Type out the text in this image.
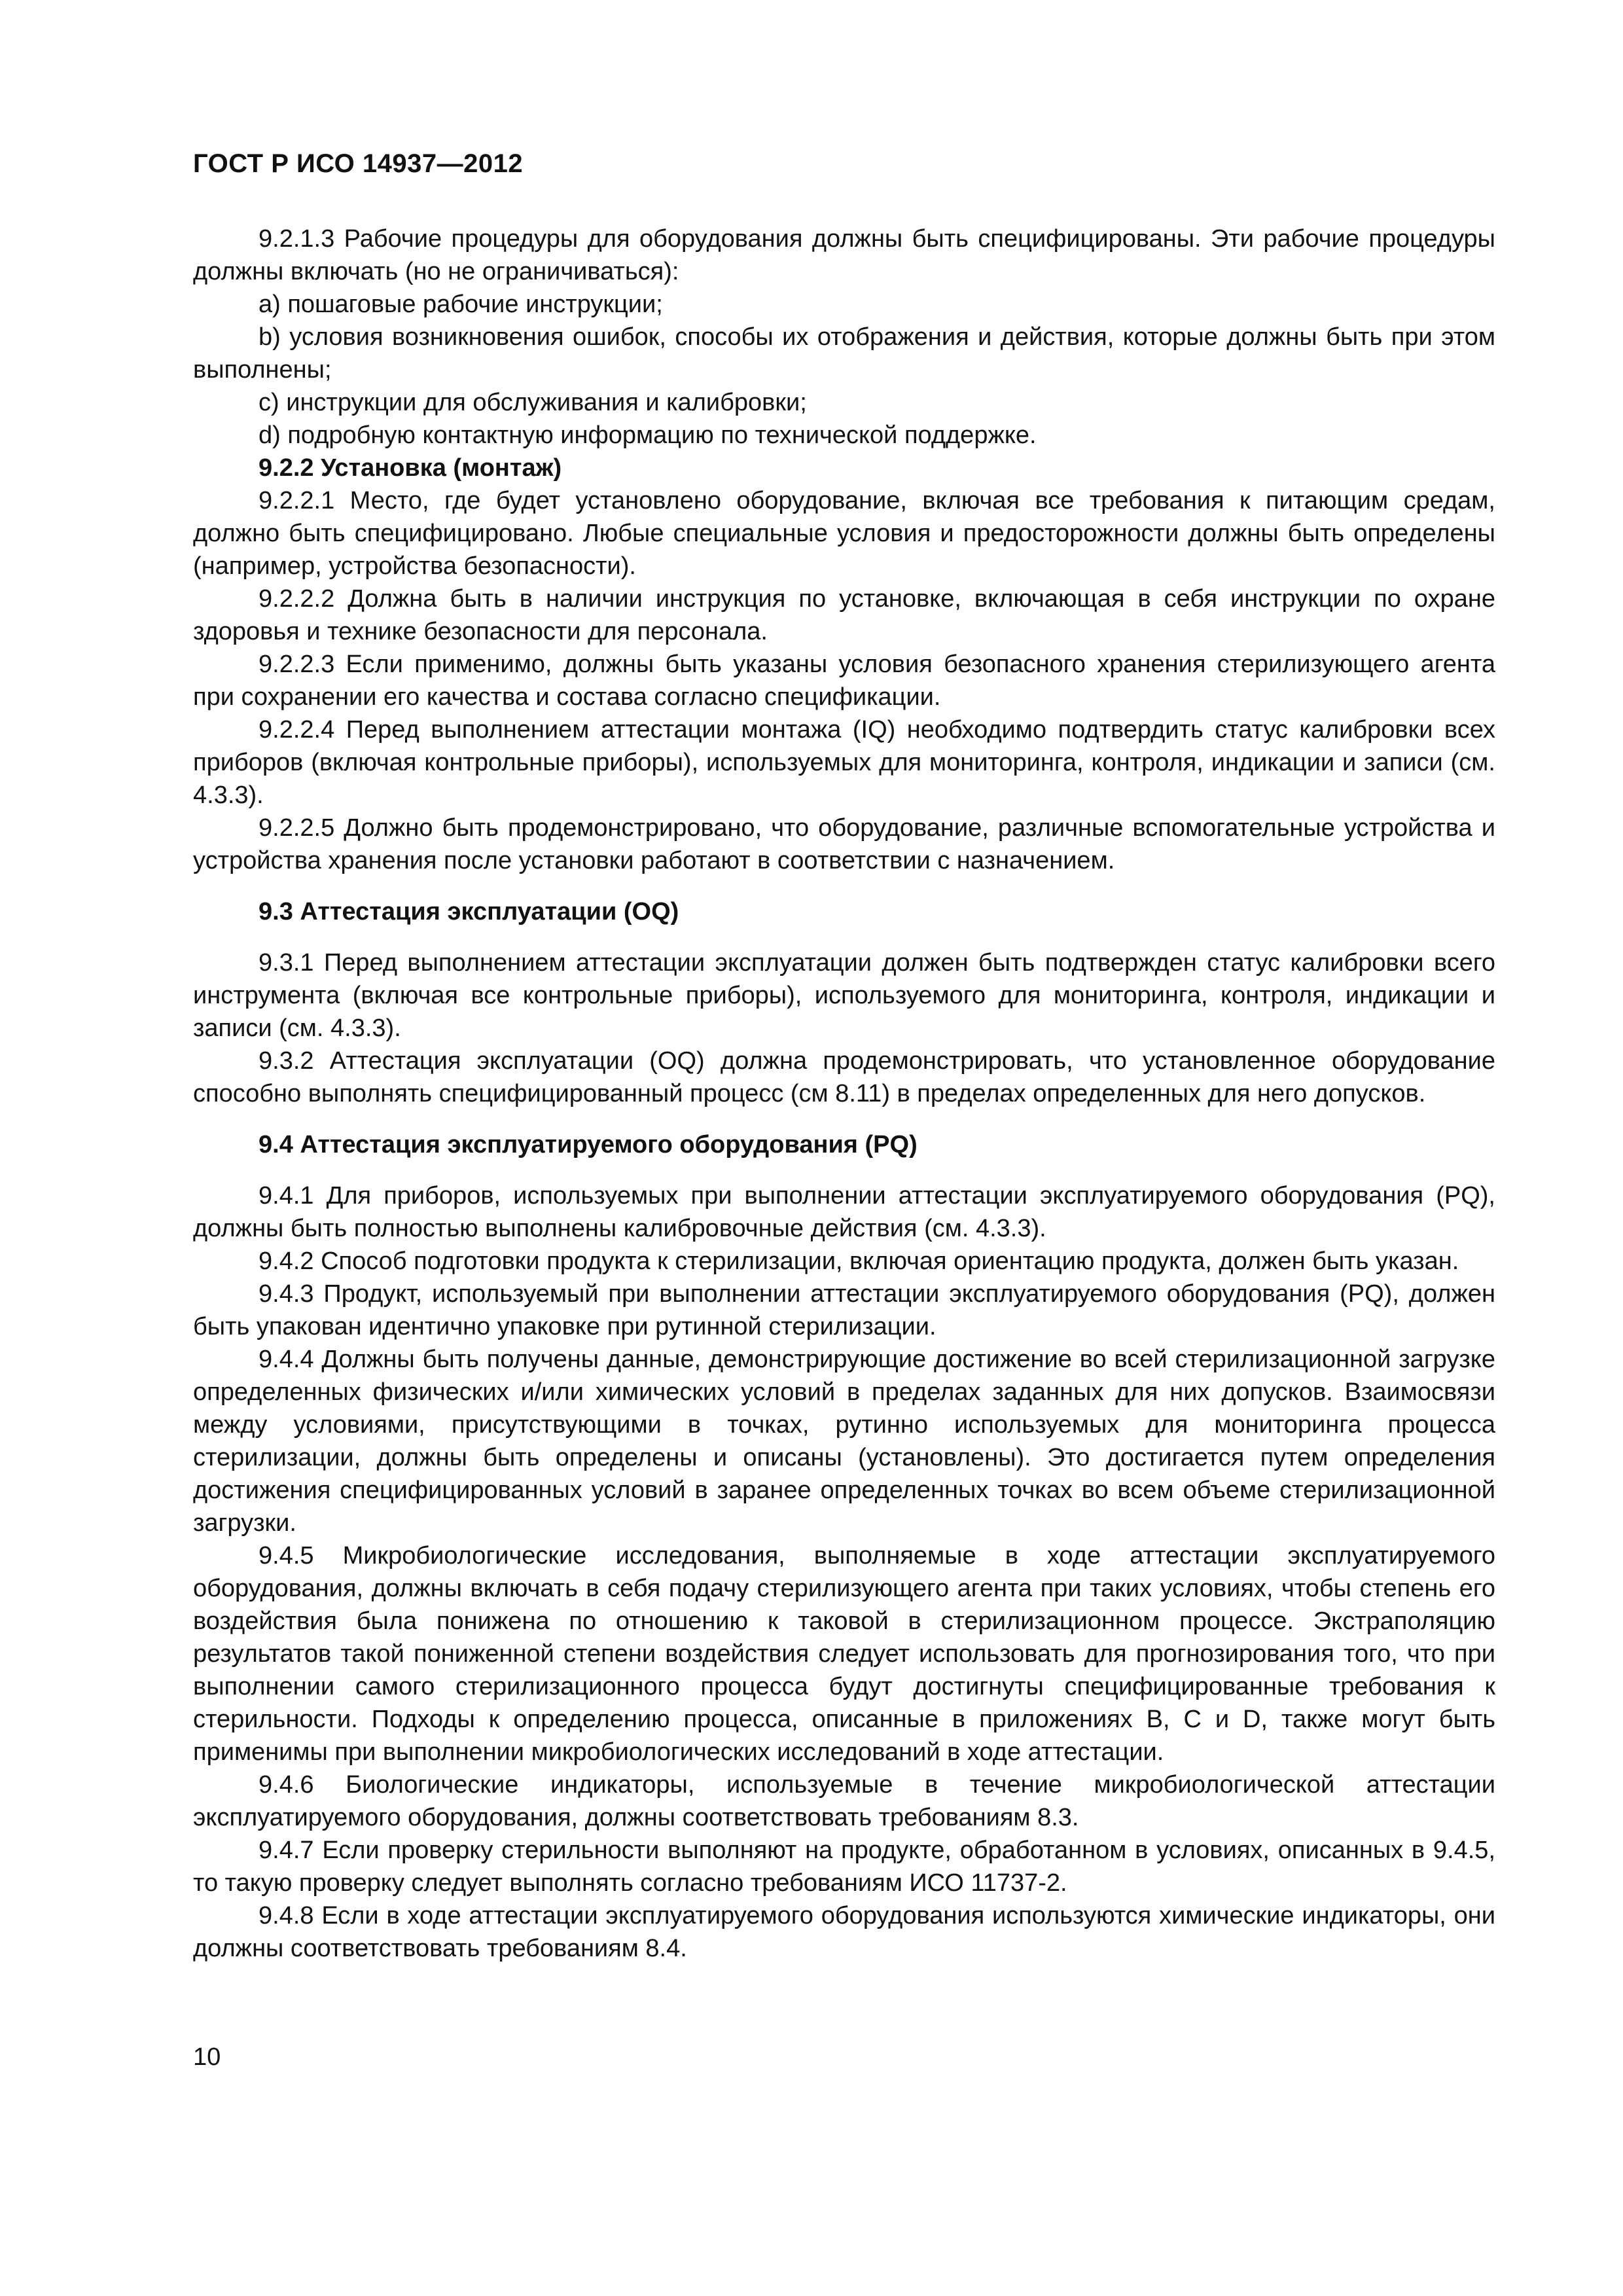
ГОСТ Р ИСО 14937—2012

9.2.1.3 Рабочие процедуры для оборудования должны быть специфицированы. Эти рабочие процедуры должны включать (но не ограничиваться):

a) пошаговые рабочие инструкции;

b) условия возникновения ошибок, способы их отображения и действия, которые должны быть при этом выполнены;

c) инструкции для обслуживания и калибровки;

d) подробную контактную информацию по технической поддержке.

9.2.2 Установка (монтаж)

9.2.2.1 Место, где будет установлено оборудование, включая все требования к питающим средам, должно быть специфицировано. Любые специальные условия и предосторожности должны быть определены (например, устройства безопасности).

9.2.2.2 Должна быть в наличии инструкция по установке, включающая в себя инструкции по охране здоровья и технике безопасности для персонала.

9.2.2.3 Если применимо, должны быть указаны условия безопасного хранения стерилизующего агента при сохранении его качества и состава согласно спецификации.

9.2.2.4 Перед выполнением аттестации монтажа (IQ) необходимо подтвердить статус калибровки всех приборов (включая контрольные приборы), используемых для мониторинга, контроля, индикации и записи (см. 4.3.3).

9.2.2.5 Должно быть продемонстрировано, что оборудование, различные вспомогательные устройства и устройства хранения после установки работают в соответствии с назначением.

9.3 Аттестация эксплуатации (OQ)

9.3.1 Перед выполнением аттестации эксплуатации должен быть подтвержден статус калибровки всего инструмента (включая все контрольные приборы), используемого для мониторинга, контроля, индикации и записи (см. 4.3.3).

9.3.2 Аттестация эксплуатации (OQ) должна продемонстрировать, что установленное оборудование способно выполнять специфицированный процесс (см 8.11) в пределах определенных для него допусков.

9.4 Аттестация эксплуатируемого оборудования (PQ)

9.4.1 Для приборов, используемых при выполнении аттестации эксплуатируемого оборудования (PQ), должны быть полностью выполнены калибровочные действия (см. 4.3.3).

9.4.2 Способ подготовки продукта к стерилизации, включая ориентацию продукта, должен быть указан.

9.4.3 Продукт, используемый при выполнении аттестации эксплуатируемого оборудования (PQ), должен быть упакован идентично упаковке при рутинной стерилизации.

9.4.4 Должны быть получены данные, демонстрирующие достижение во всей стерилизационной загрузке определенных физических и/или химических условий в пределах заданных для них допусков. Взаимосвязи между условиями, присутствующими в точках, рутинно используемых для мониторинга процесса стерилизации, должны быть определены и описаны (установлены). Это достигается путем определения достижения специфицированных условий в заранее определенных точках во всем объеме стерилизационной загрузки.

9.4.5 Микробиологические исследования, выполняемые в ходе аттестации эксплуатируемого оборудования, должны включать в себя подачу стерилизующего агента при таких условиях, чтобы степень его воздействия была понижена по отношению к таковой в стерилизационном процессе. Экстраполяцию результатов такой пониженной степени воздействия следует использовать для прогнозирования того, что при выполнении самого стерилизационного процесса будут достигнуты специфицированные требования к стерильности. Подходы к определению процесса, описанные в приложениях В, С и D, также могут быть применимы при выполнении микробиологических исследований в ходе аттестации.

9.4.6 Биологические индикаторы, используемые в течение микробиологической аттестации эксплуатируемого оборудования, должны соответствовать требованиям 8.3.

9.4.7 Если проверку стерильности выполняют на продукте, обработанном в условиях, описанных в 9.4.5, то такую проверку следует выполнять согласно требованиям ИСО 11737-2.

9.4.8 Если в ходе аттестации эксплуатируемого оборудования используются химические индикаторы, они должны соответствовать требованиям 8.4.

10
